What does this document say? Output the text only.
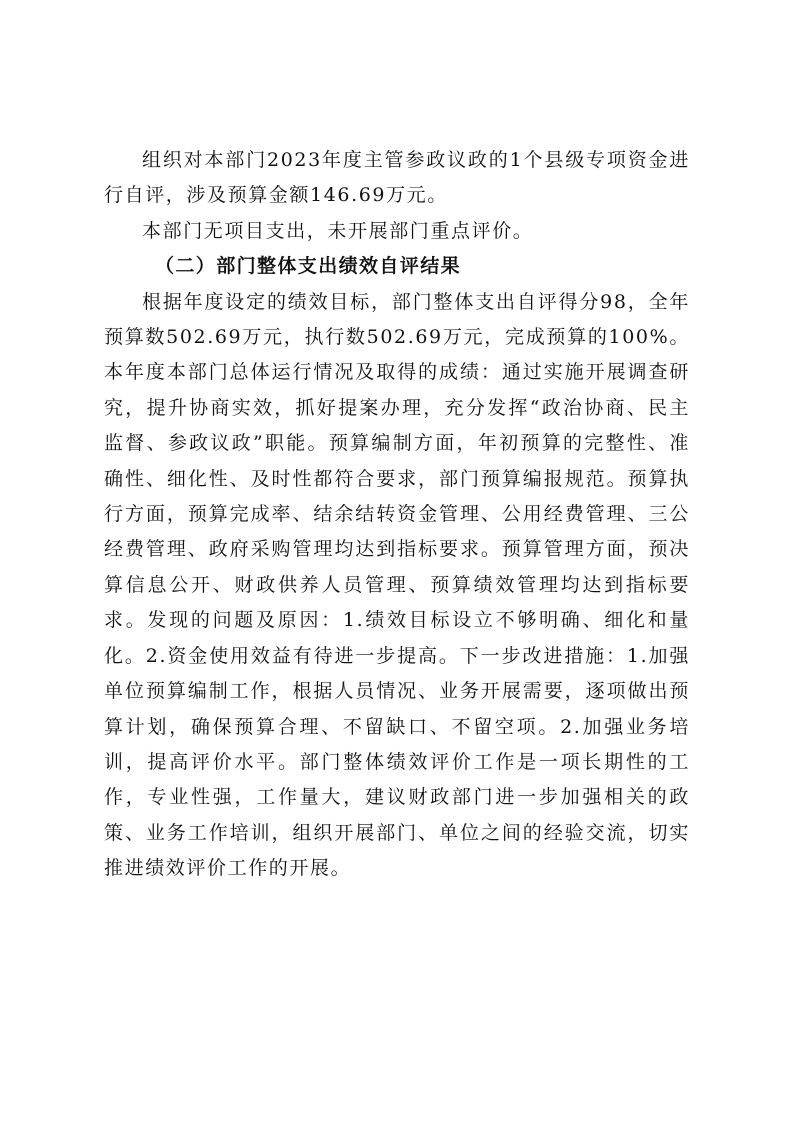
组织对本部门2023年度主管参政议政的1个县级专项资金进行自评，涉及预算金额146.69万元。

本部门无项目支出，未开展部门重点评价。

（二）部门整体支出绩效自评结果

根据年度设定的绩效目标，部门整体支出自评得分98，全年预算数502.69万元，执行数502.69万元，完成预算的100%。本年度本部门总体运行情况及取得的成绩：通过实施开展调查研究，提升协商实效，抓好提案办理，充分发挥“政治协商、民主监督、参政议政”职能。预算编制方面，年初预算的完整性、准确性、细化性、及时性都符合要求，部门预算编报规范。预算执行方面，预算完成率、结余结转资金管理、公用经费管理、三公经费管理、政府采购管理均达到指标要求。预算管理方面，预决算信息公开、财政供养人员管理、预算绩效管理均达到指标要求。发现的问题及原因：1.绩效目标设立不够明确、细化和量化。2.资金使用效益有待进一步提高。下一步改进措施：1.加强单位预算编制工作，根据人员情况、业务开展需要，逐项做出预算计划，确保预算合理、不留缺口、不留空项。2.加强业务培训，提高评价水平。部门整体绩效评价工作是一项长期性的工作，专业性强，工作量大，建议财政部门进一步加强相关的政策、业务工作培训，组织开展部门、单位之间的经验交流，切实推进绩效评价工作的开展。
